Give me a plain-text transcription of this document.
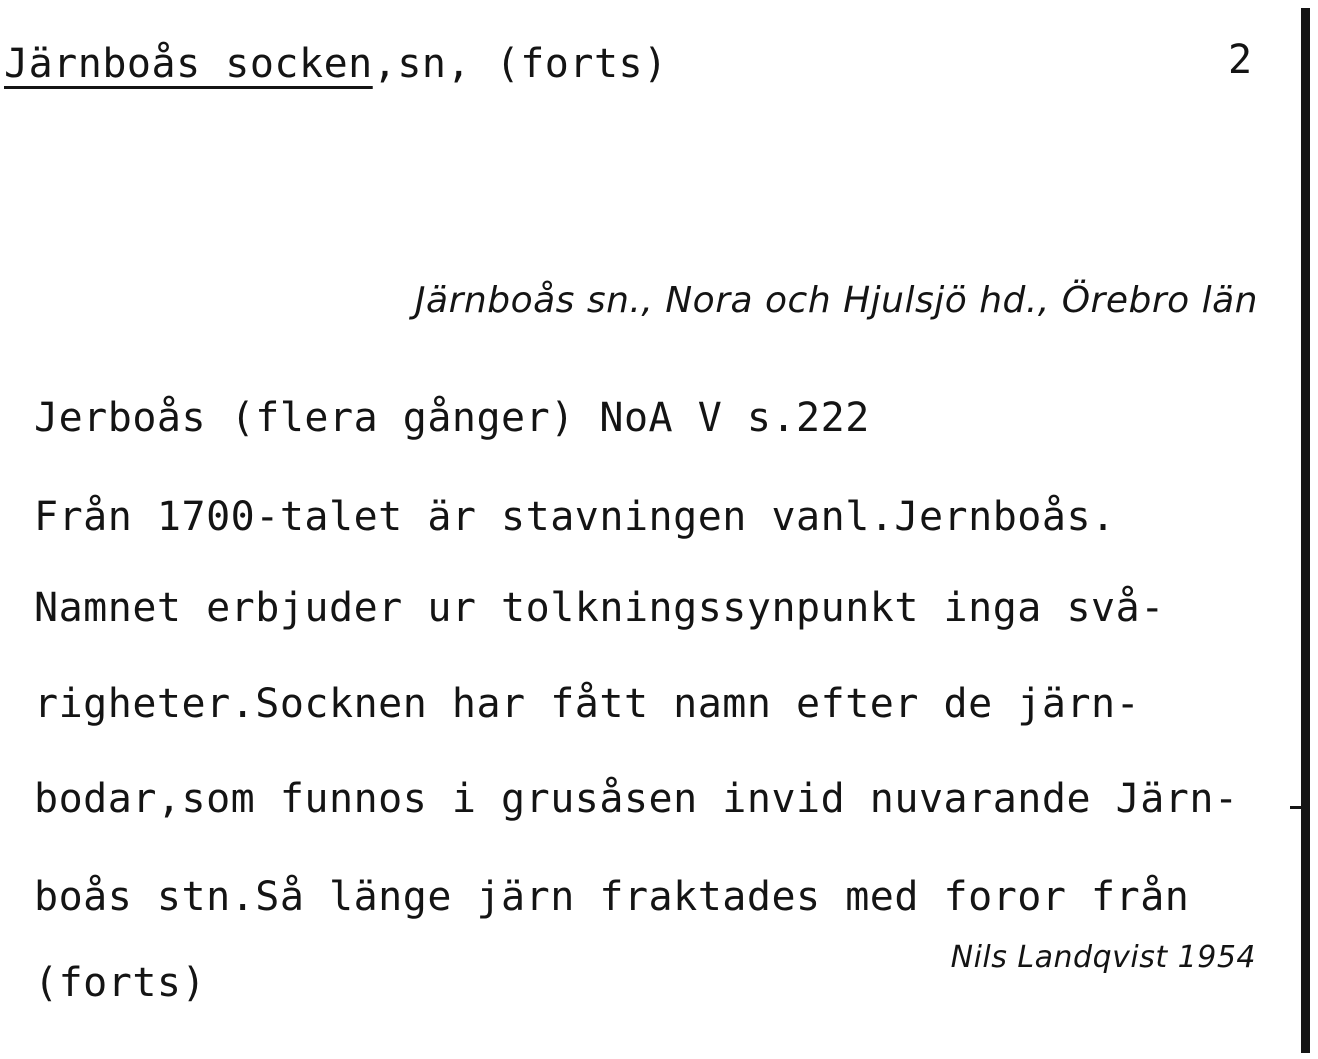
Järnboås socken,sn, (forts)	2
Järnboås sn., Nora och Hjulsjö hd., Örebro län
Jerboås (flera gånger) NoA V s.222
Från 1700-talet är stavningen vanl.Jernboås.
Namnet erbjuder ur tolkningssynpunkt inga svå-
righeter.Socknen har fått namn efter de järn-
bodar,som funnos i grusåsen invid nuvarande Järn-
boås stn.Så länge järn fraktades med foror från
(forts)
Nils Landqvist 1954
